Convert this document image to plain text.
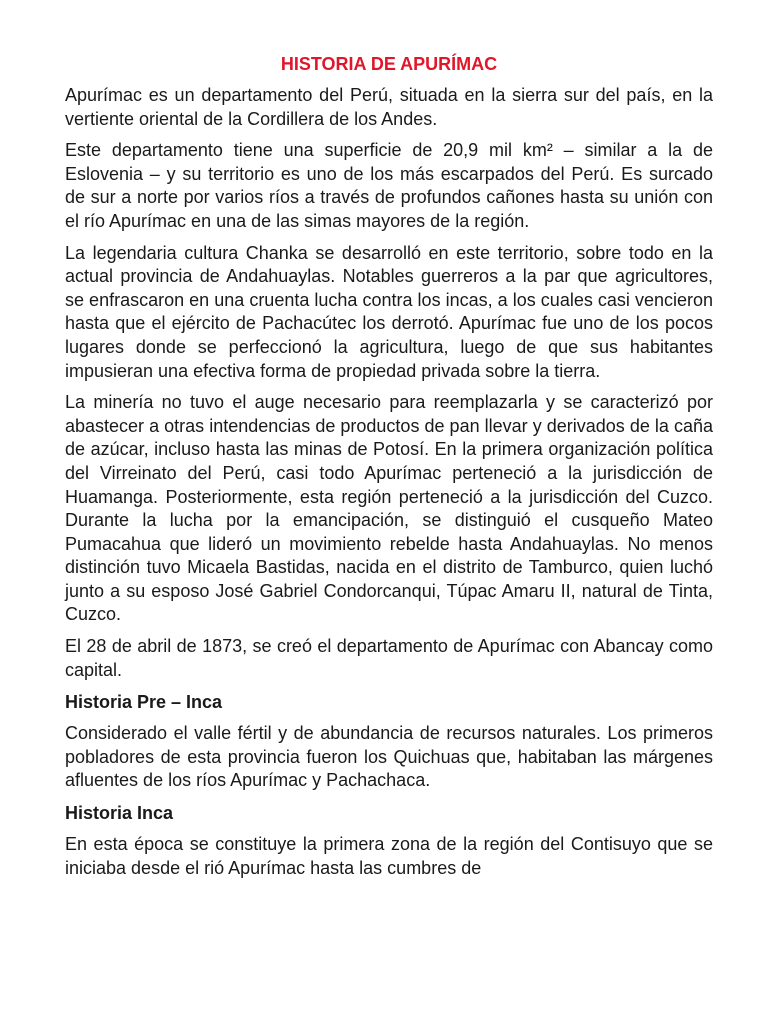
HISTORIA DE APURÍMAC

Apurímac es un departamento del Perú, situada en la sierra sur del país, en la vertiente oriental de la Cordillera de los Andes.

Este departamento tiene una superficie de 20,9 mil km² – similar a la de Eslovenia – y su territorio es uno de los más escarpados del Perú. Es surcado de sur a norte por varios ríos a través de profundos cañones hasta su unión con el río Apurímac en una de las simas mayores de la región.

La legendaria cultura Chanka se desarrolló en este territorio, sobre todo en la actual provincia de Andahuaylas. Notables guerreros a la par que agricultores, se enfrascaron en una cruenta lucha contra los incas, a los cuales casi vencieron hasta que el ejército de Pachacútec los derrotó. Apurímac fue uno de los pocos lugares donde se perfeccionó la agricultura, luego de que sus habitantes impusieran una efectiva forma de propiedad privada sobre la tierra.

La minería no tuvo el auge necesario para reemplazarla y se caracterizó por abastecer a otras intendencias de productos de pan llevar y derivados de la caña de azúcar, incluso hasta las minas de Potosí. En la primera organización política del Virreinato del Perú, casi todo Apurímac perteneció a la jurisdicción de Huamanga. Posteriormente, esta región perteneció a la jurisdicción del Cuzco. Durante la lucha por la emancipación, se distinguió el cusqueño Mateo Pumacahua que lideró un movimiento rebelde hasta Andahuaylas. No menos distinción tuvo Micaela Bastidas, nacida en el distrito de Tamburco, quien luchó junto a su esposo José Gabriel Condorcanqui, Túpac Amaru II, natural de Tinta, Cuzco.

El 28 de abril de 1873, se creó el departamento de Apurímac con Abancay como capital.

Historia Pre – Inca

Considerado el valle fértil y de abundancia de recursos naturales. Los primeros pobladores de esta provincia fueron los Quichuas que, habitaban las márgenes afluentes de los ríos Apurímac y Pachachaca.

Historia Inca

En esta época se constituye la primera zona de la región del Contisuyo que se iniciaba desde el rió Apurímac hasta las cumbres de
